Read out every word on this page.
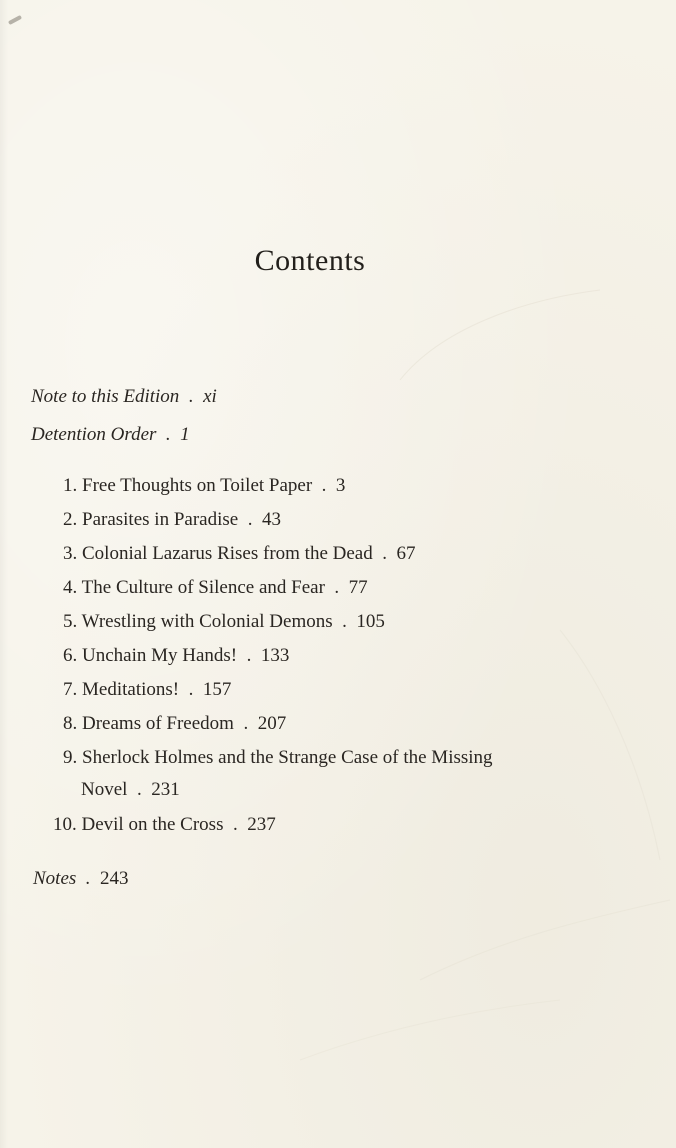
Contents
Note to this Edition . xi
Detention Order . 1
1. Free Thoughts on Toilet Paper . 3
2. Parasites in Paradise . 43
3. Colonial Lazarus Rises from the Dead . 67
4. The Culture of Silence and Fear . 77
5. Wrestling with Colonial Demons . 105
6. Unchain My Hands! . 133
7. Meditations! . 157
8. Dreams of Freedom . 207
9. Sherlock Holmes and the Strange Case of the Missing
Novel . 231
10. Devil on the Cross . 237
Notes . 243
